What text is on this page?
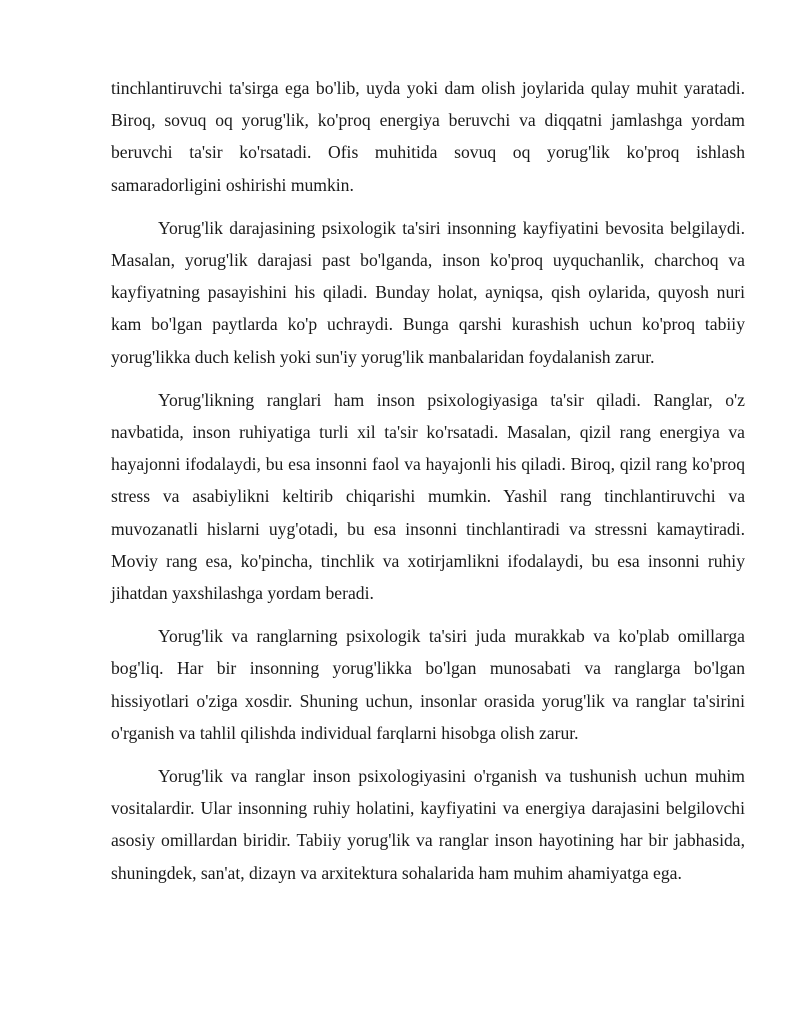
tinchlantiruvchi ta'sirga ega bo'lib, uyda yoki dam olish joylarida qulay muhit yaratadi. Biroq, sovuq oq yorug'lik, ko'proq energiya beruvchi va diqqatni jamlashga yordam beruvchi ta'sir ko'rsatadi. Ofis muhitida sovuq oq yorug'lik ko'proq ishlash samaradorligini oshirishi mumkin.

Yorug'lik darajasining psixologik ta'siri insonning kayfiyatini bevosita belgilaydi. Masalan, yorug'lik darajasi past bo'lganda, inson ko'proq uyquchanlik, charchoq va kayfiyatning pasayishini his qiladi. Bunday holat, ayniqsa, qish oylarida, quyosh nuri kam bo'lgan paytlarda ko'p uchraydi. Bunga qarshi kurashish uchun ko'proq tabiiy yorug'likka duch kelish yoki sun'iy yorug'lik manbalaridan foydalanish zarur.

Yorug'likning ranglari ham inson psixologiyasiga ta'sir qiladi. Ranglar, o'z navbatida, inson ruhiyatiga turli xil ta'sir ko'rsatadi. Masalan, qizil rang energiya va hayajonni ifodalaydi, bu esa insonni faol va hayajonli his qiladi. Biroq, qizil rang ko'proq stress va asabiylikni keltirib chiqarishi mumkin. Yashil rang tinchlantiruvchi va muvozanatli hislarni uyg'otadi, bu esa insonni tinchlantiradi va stressni kamaytiradi. Moviy rang esa, ko'pincha, tinchlik va xotirjamlikni ifodalaydi, bu esa insonni ruhiy jihatdan yaxshilashga yordam beradi.

Yorug'lik va ranglarning psixologik ta'siri juda murakkab va ko'plab omillarga bog'liq. Har bir insonning yorug'likka bo'lgan munosabati va ranglarga bo'lgan hissiyotlari o'ziga xosdir. Shuning uchun, insonlar orasida yorug'lik va ranglar ta'sirini o'rganish va tahlil qilishda individual farqlarni hisobga olish zarur.

Yorug'lik va ranglar inson psixologiyasini o'rganish va tushunish uchun muhim vositalardir. Ular insonning ruhiy holatini, kayfiyatini va energiya darajasini belgilovchi asosiy omillardan biridir. Tabiiy yorug'lik va ranglar inson hayotining har bir jabhasida, shuningdek, san'at, dizayn va arxitektura sohalarida ham muhim ahamiyatga ega.
